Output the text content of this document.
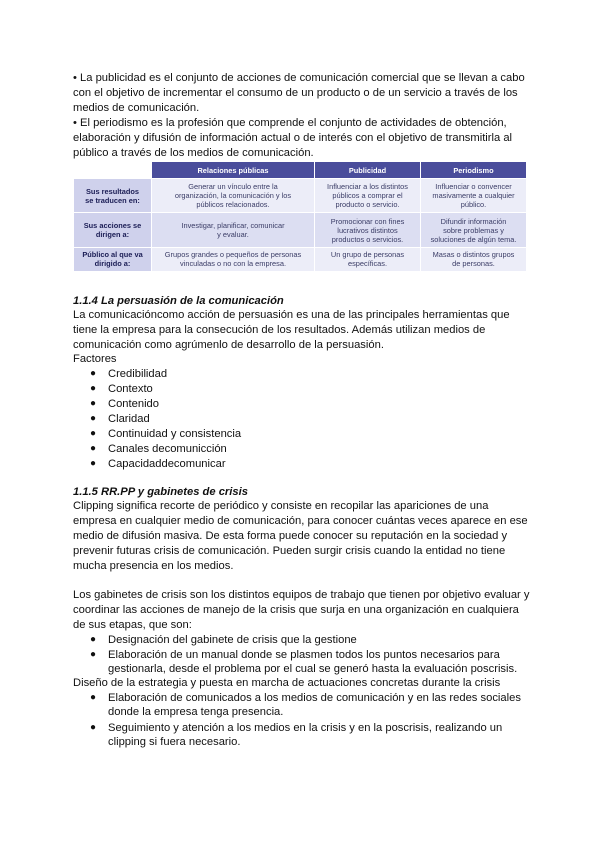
• La publicidad es el conjunto de acciones de comunicación comercial que se llevan a cabo
con el objetivo de incrementar el consumo de un producto o de un servicio a través de los
medios de comunicación.
• El periodismo es la profesión que comprende el conjunto de actividades de obtención,
elaboración y difusión de información actual o de interés con el objetivo de transmitirla al
público a través de los medios de comunicación.
	Relaciones públicas	Publicidad	Periodismo
Sus resultados
se traducen en:	Generar un vínculo entre la
organización, la comunicación y los
públicos relacionados.	Influenciar a los distintos
públicos a comprar el
producto o servicio.	Influenciar o convencer
masivamente a cualquier
público.
Sus acciones se
dirigen a:	Investigar, planificar, comunicar
y evaluar.	Promocionar con fines
lucrativos distintos
productos o servicios.	Difundir información
sobre problemas y
soluciones de algún tema.
Público al que va
dirigido a:	Grupos grandes o pequeños de personas
vinculadas o no con la empresa.	Un grupo de personas
específicas.	Masas o distintos grupos
de personas.
1.1.4 La persuasión de la comunicación
La comunicacióncomo acción de persuasión es una de las principales herramientas que
tiene la empresa para la consecución de los resultados. Además utilizan medios de
comunicación como agrúmenlo de desarrollo de la persuasión.
Factores
● Credibilidad
● Contexto
● Contenido
● Claridad
● Continuidad y consistencia
● Canales decomunicción
● Capacidaddecomunicar
1.1.5 RR.PP y gabinetes de crisis
Clipping significa recorte de periódico y consiste en recopilar las apariciones de una
empresa en cualquier medio de comunicación, para conocer cuántas veces aparece en ese
medio de difusión masiva. De esta forma puede conocer su reputación en la sociedad y
prevenir futuras crisis de comunicación. Pueden surgir crisis cuando la entidad no tiene
mucha presencia en los medios.
Los gabinetes de crisis son los distintos equipos de trabajo que tienen por objetivo evaluar y
coordinar las acciones de manejo de la crisis que surja en una organización en cualquiera
de sus etapas, que son:
● Designación del gabinete de crisis que la gestione
● Elaboración de un manual donde se plasmen todos los puntos necesarios para
gestionarla, desde el problema por el cual se generó hasta la evaluación poscrisis.
Diseño de la estrategia y puesta en marcha de actuaciones concretas durante la crisis
● Elaboración de comunicados a los medios de comunicación y en las redes sociales
donde la empresa tenga presencia.
● Seguimiento y atención a los medios en la crisis y en la poscrisis, realizando un
clipping si fuera necesario.
